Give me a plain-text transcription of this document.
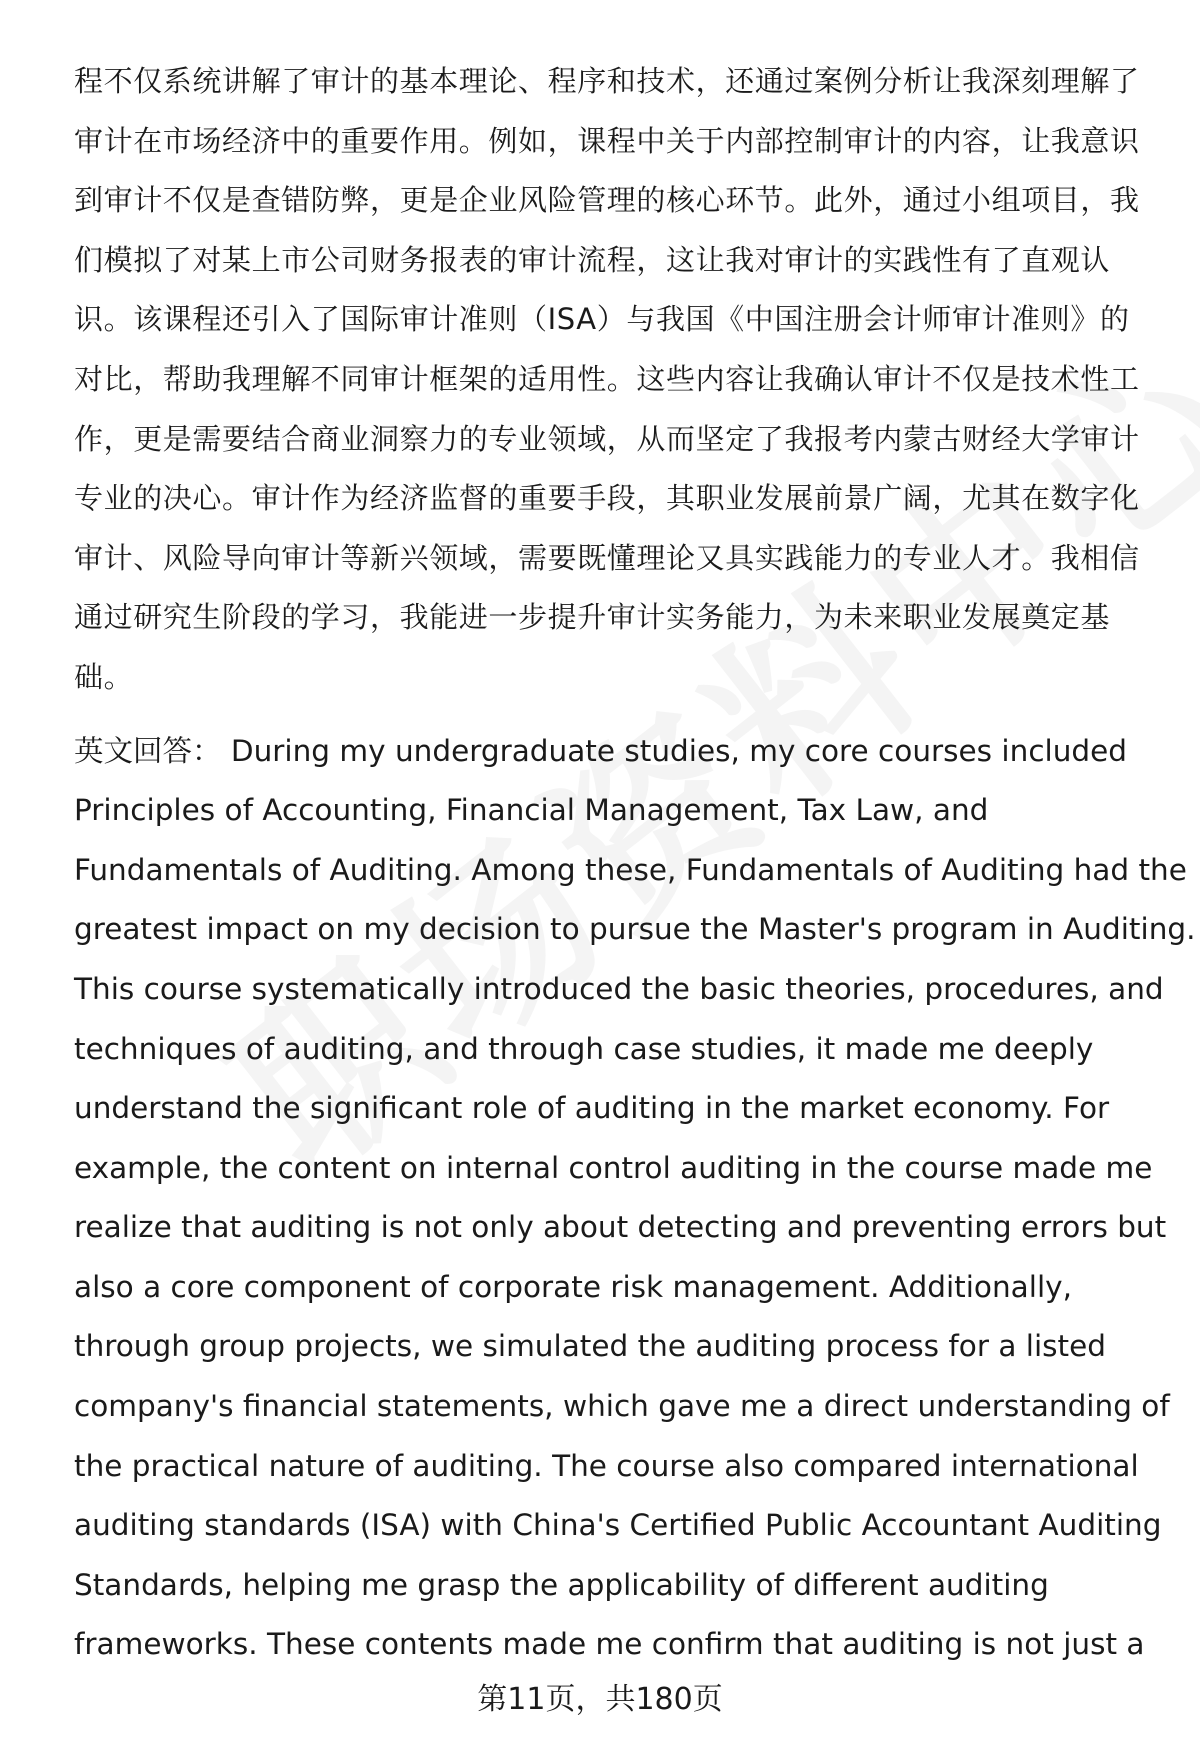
程不仅系统讲解了审计的基本理论、程序和技术，还通过案例分析让我深刻理解了
审计在市场经济中的重要作用。例如，课程中关于内部控制审计的内容，让我意识
到审计不仅是查错防弊，更是企业风险管理的核心环节。此外，通过小组项目，我
们模拟了对某上市公司财务报表的审计流程，这让我对审计的实践性有了直观认
识。该课程还引入了国际审计准则（ISA）与我国《中国注册会计师审计准则》的
对比，帮助我理解不同审计框架的适用性。这些内容让我确认审计不仅是技术性工
作，更是需要结合商业洞察力的专业领域，从而坚定了我报考内蒙古财经大学审计
专业的决心。审计作为经济监督的重要手段，其职业发展前景广阔，尤其在数字化
审计、风险导向审计等新兴领域，需要既懂理论又具实践能力的专业人才。我相信
通过研究生阶段的学习，我能进一步提升审计实务能力，为未来职业发展奠定基
础。
英文回答： During my undergraduate studies, my core courses included
Principles of Accounting, Financial Management, Tax Law, and
Fundamentals of Auditing. Among these, Fundamentals of Auditing had the
greatest impact on my decision to pursue the Master's program in Auditing.
This course systematically introduced the basic theories, procedures, and
techniques of auditing, and through case studies, it made me deeply
understand the significant role of auditing in the market economy. For
example, the content on internal control auditing in the course made me
realize that auditing is not only about detecting and preventing errors but
also a core component of corporate risk management. Additionally,
through group projects, we simulated the auditing process for a listed
company's financial statements, which gave me a direct understanding of
the practical nature of auditing. The course also compared international
auditing standards (ISA) with China's Certified Public Accountant Auditing
Standards, helping me grasp the applicability of different auditing
frameworks. These contents made me confirm that auditing is not just a
第11页，共180页
